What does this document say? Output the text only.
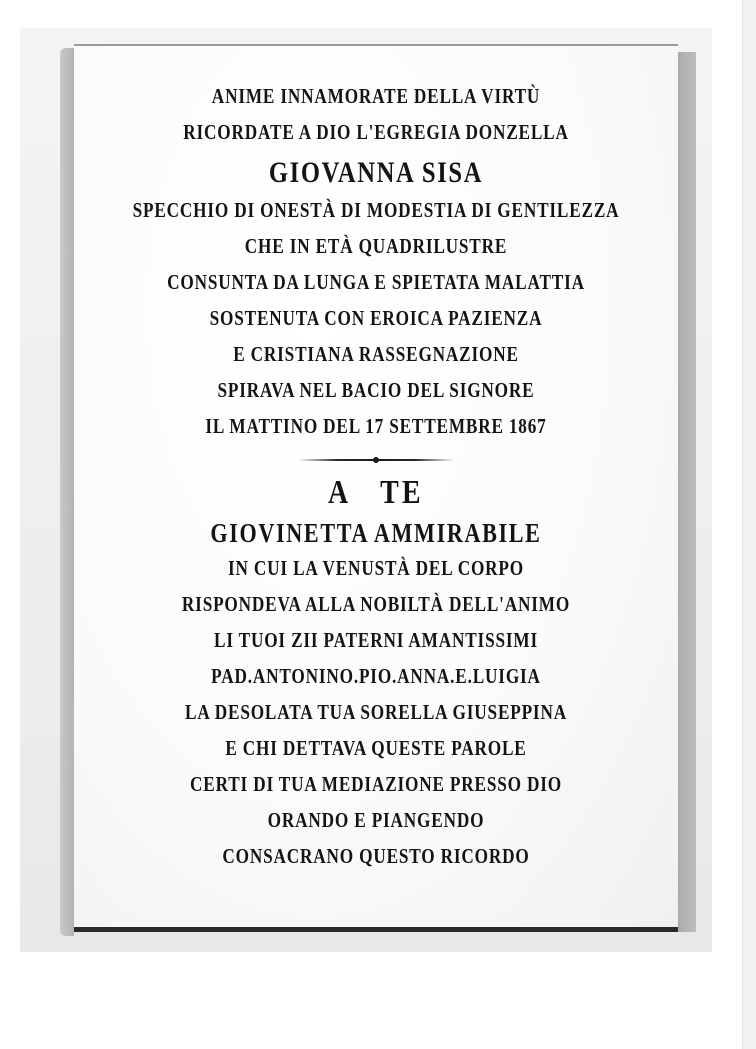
ANIME INNAMORATE DELLA VIRTÙ
RICORDATE A DIO L'EGREGIA DONZELLA
GIOVANNA SISA
SPECCHIO DI ONESTÀ DI MODESTIA DI GENTILEZZA
CHE IN ETÀ QUADRILUSTRE
CONSUNTA DA LUNGA E SPIETATA MALATTIA
SOSTENUTA CON EROICA PAZIENZA
E CRISTIANA RASSEGNAZIONE
SPIRAVA NEL BACIO DEL SIGNORE
IL MATTINO DEL 17 SETTEMBRE 1867
A   TE
GIOVINETTA AMMIRABILE
IN CUI LA VENUSTÀ DEL CORPO
RISPONDEVA ALLA NOBILTÀ DELL'ANIMO
LI TUOI ZII PATERNI AMANTISSIMI
PAD.ANTONINO.PIO.ANNA.E.LUIGIA
LA DESOLATA TUA SORELLA GIUSEPPINA
E CHI DETTAVA QUESTE PAROLE
CERTI DI TUA MEDIAZIONE PRESSO DIO
ORANDO E PIANGENDO
CONSACRANO QUESTO RICORDO
